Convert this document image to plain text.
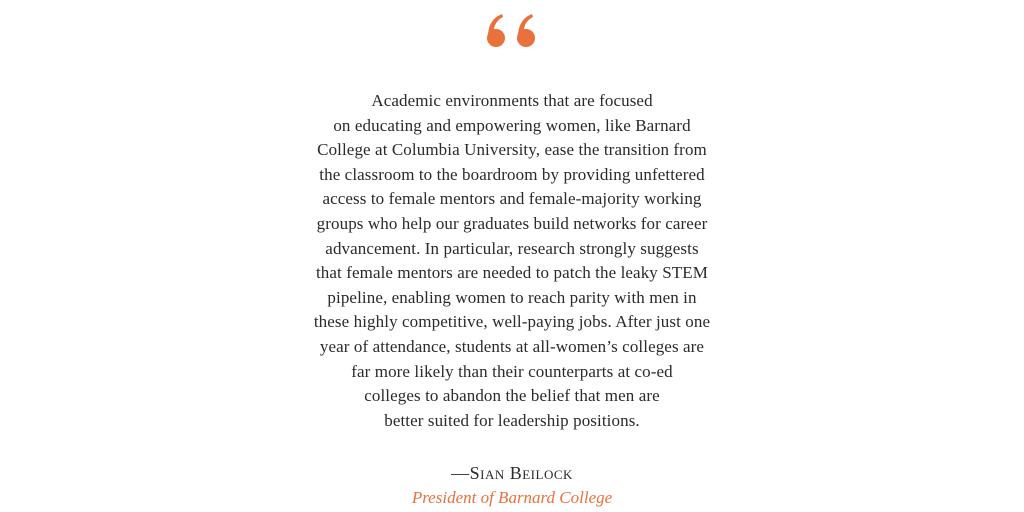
Academic environments that are focused
on educating and empowering women, like Barnard
College at Columbia University, ease the transition from
the classroom to the boardroom by providing unfettered
access to female mentors and female-majority working
groups who help our graduates build networks for career
advancement. In particular, research strongly suggests
that female mentors are needed to patch the leaky STEM
pipeline, enabling women to reach parity with men in
these highly competitive, well-paying jobs. After just one
year of attendance, students at all-women’s colleges are
far more likely than their counterparts at co-ed
colleges to abandon the belief that men are
better suited for leadership positions.
—Sian Beilock
President of Barnard College
